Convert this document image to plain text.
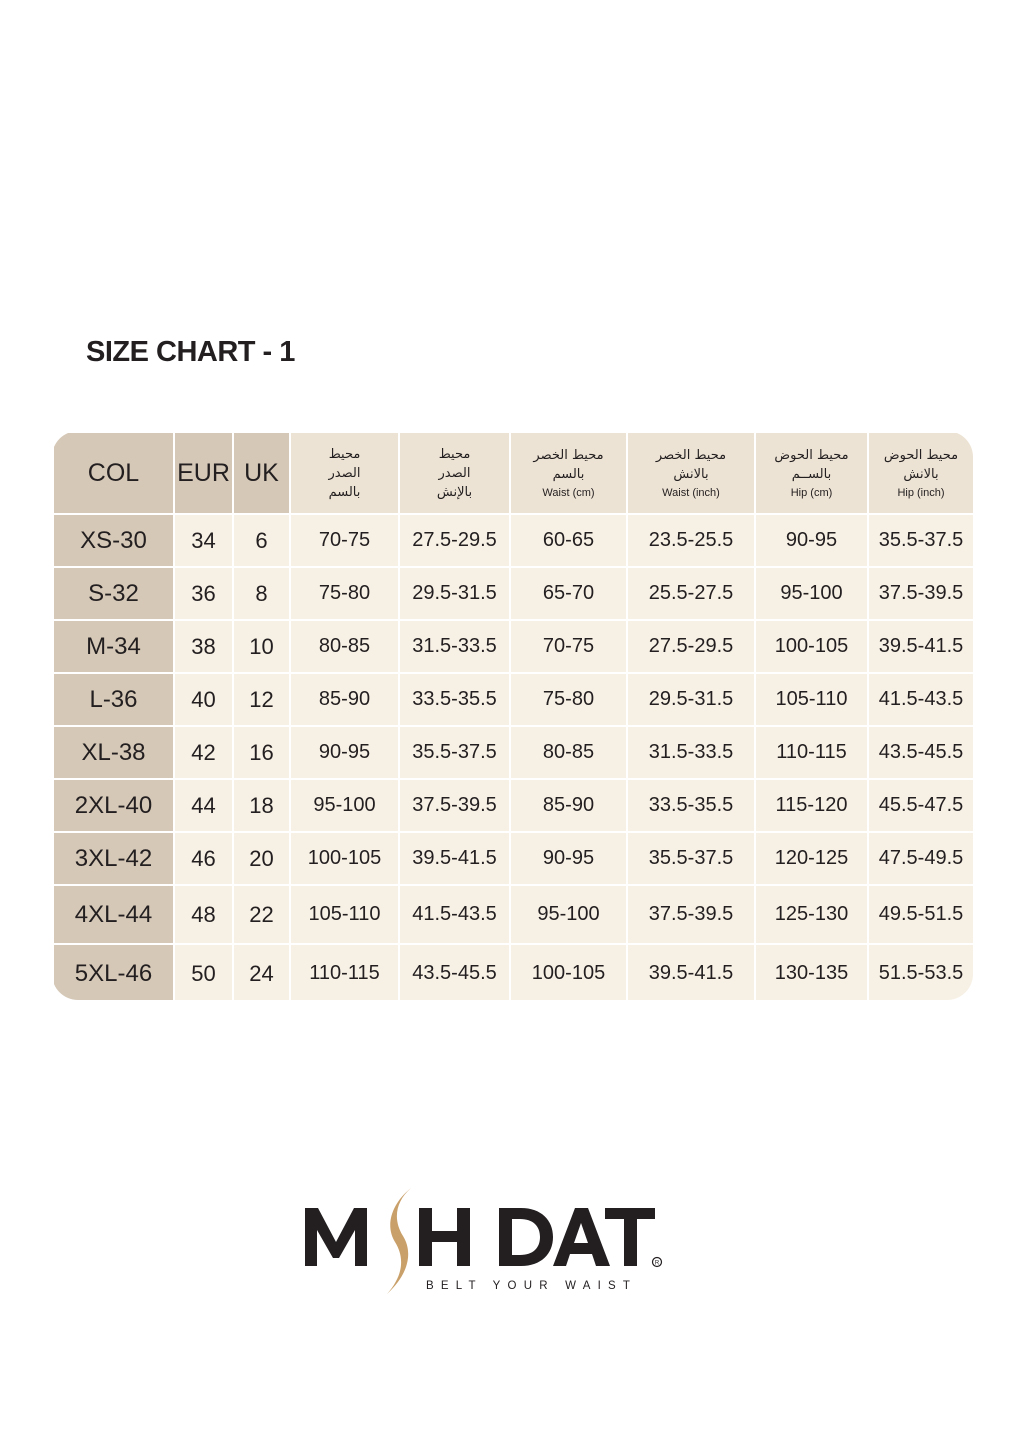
SIZE CHART - 1
COL	EUR	UK	محيط
الصدر
بالسم	محيط
الصدر
بالإنش	محيط الخصر
بالسم
Waist (cm)	محيط الخصر
بالانش
Waist (inch)	محيط الحوض
بالســم
Hip (cm)	محيط الحوض
بالانش
Hip (inch)

XS-30	34	6	70-75	27.5-29.5	60-65	23.5-25.5	90-95	35.5-37.5
S-32	36	8	75-80	29.5-31.5	65-70	25.5-27.5	95-100	37.5-39.5
M-34	38	10	80-85	31.5-33.5	70-75	27.5-29.5	100-105	39.5-41.5
L-36	40	12	85-90	33.5-35.5	75-80	29.5-31.5	105-110	41.5-43.5
XL-38	42	16	90-95	35.5-37.5	80-85	31.5-33.5	110-115	43.5-45.5
2XL-40	44	18	95-100	37.5-39.5	85-90	33.5-35.5	115-120	45.5-47.5
3XL-42	46	20	100-105	39.5-41.5	90-95	35.5-37.5	120-125	47.5-49.5
4XL-44	48	22	105-110	41.5-43.5	95-100	37.5-39.5	125-130	49.5-51.5
5XL-46	50	24	110-115	43.5-45.5	100-105	39.5-41.5	130-135	51.5-53.5
R
BELT YOUR WAIST
